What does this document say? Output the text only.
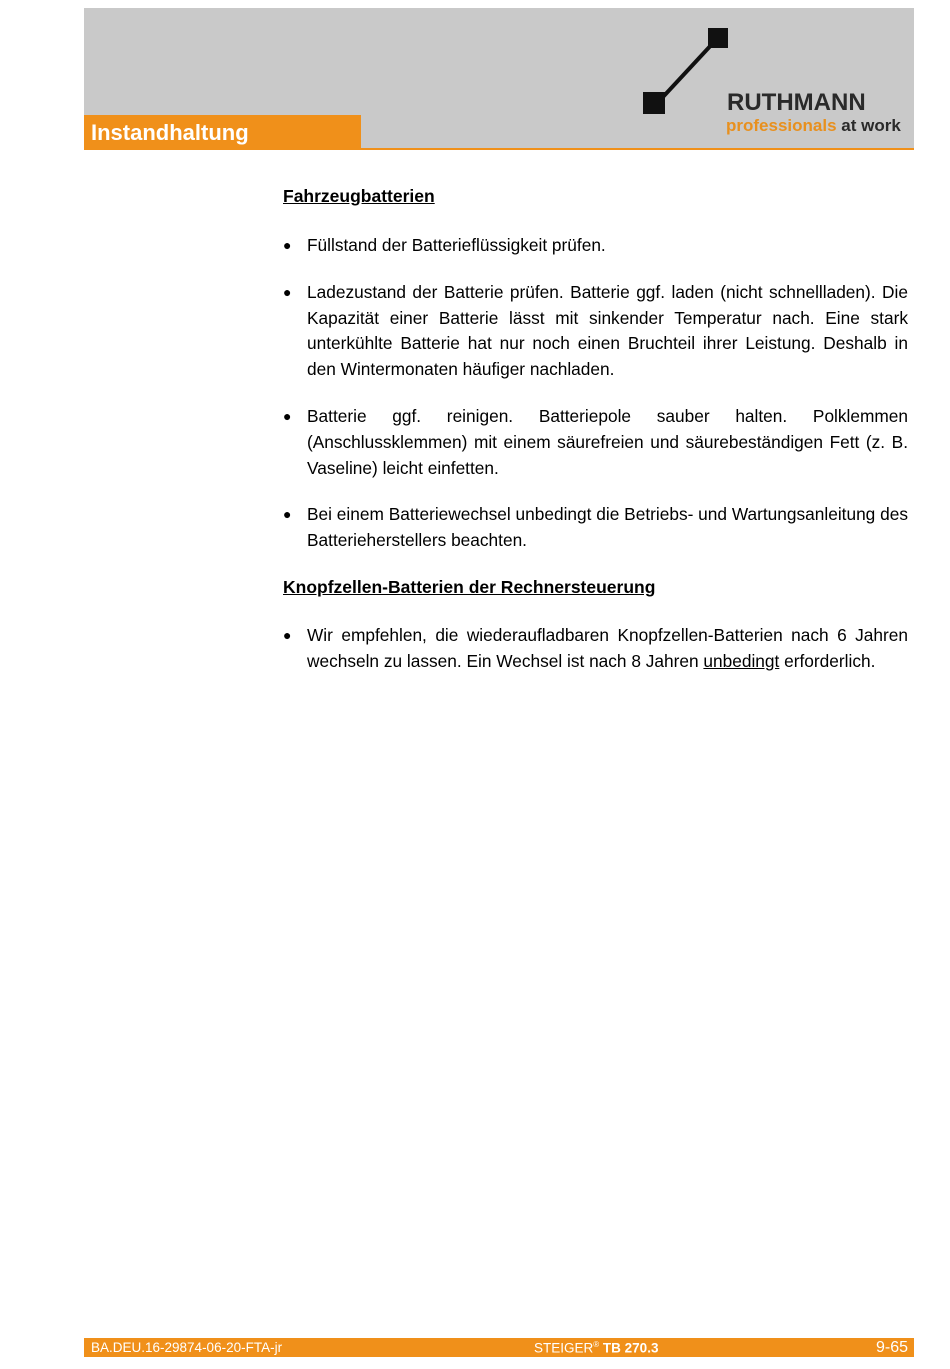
Instandhaltung
RUTHMANN
professionals at work

Fahrzeugbatterien

● Füllstand der Batterieflüssigkeit prüfen.
● Ladezustand der Batterie prüfen. Batterie ggf. laden (nicht schnellladen). Die Kapazität einer Batterie lässt mit sinkender Temperatur nach. Eine stark unterkühlte Batterie hat nur noch einen Bruchteil ihrer Leistung. Deshalb in den Wintermonaten häufiger nachladen.
● Batterie ggf. reinigen. Batteriepole sauber halten. Polklemmen (Anschlussklemmen) mit einem säurefreien und säurebeständigen Fett (z. B. Vaseline) leicht einfetten.
● Bei einem Batteriewechsel unbedingt die Betriebs- und Wartungsanleitung des Batterieherstellers beachten.

Knopfzellen-Batterien der Rechnersteuerung

● Wir empfehlen, die wiederaufladbaren Knopfzellen-Batterien nach 6 Jahren wechseln zu lassen. Ein Wechsel ist nach 8 Jahren unbedingt erforderlich.
BA.DEU.16-29874-06-20-FTA-jr	STEIGER® TB 270.3	9-65
